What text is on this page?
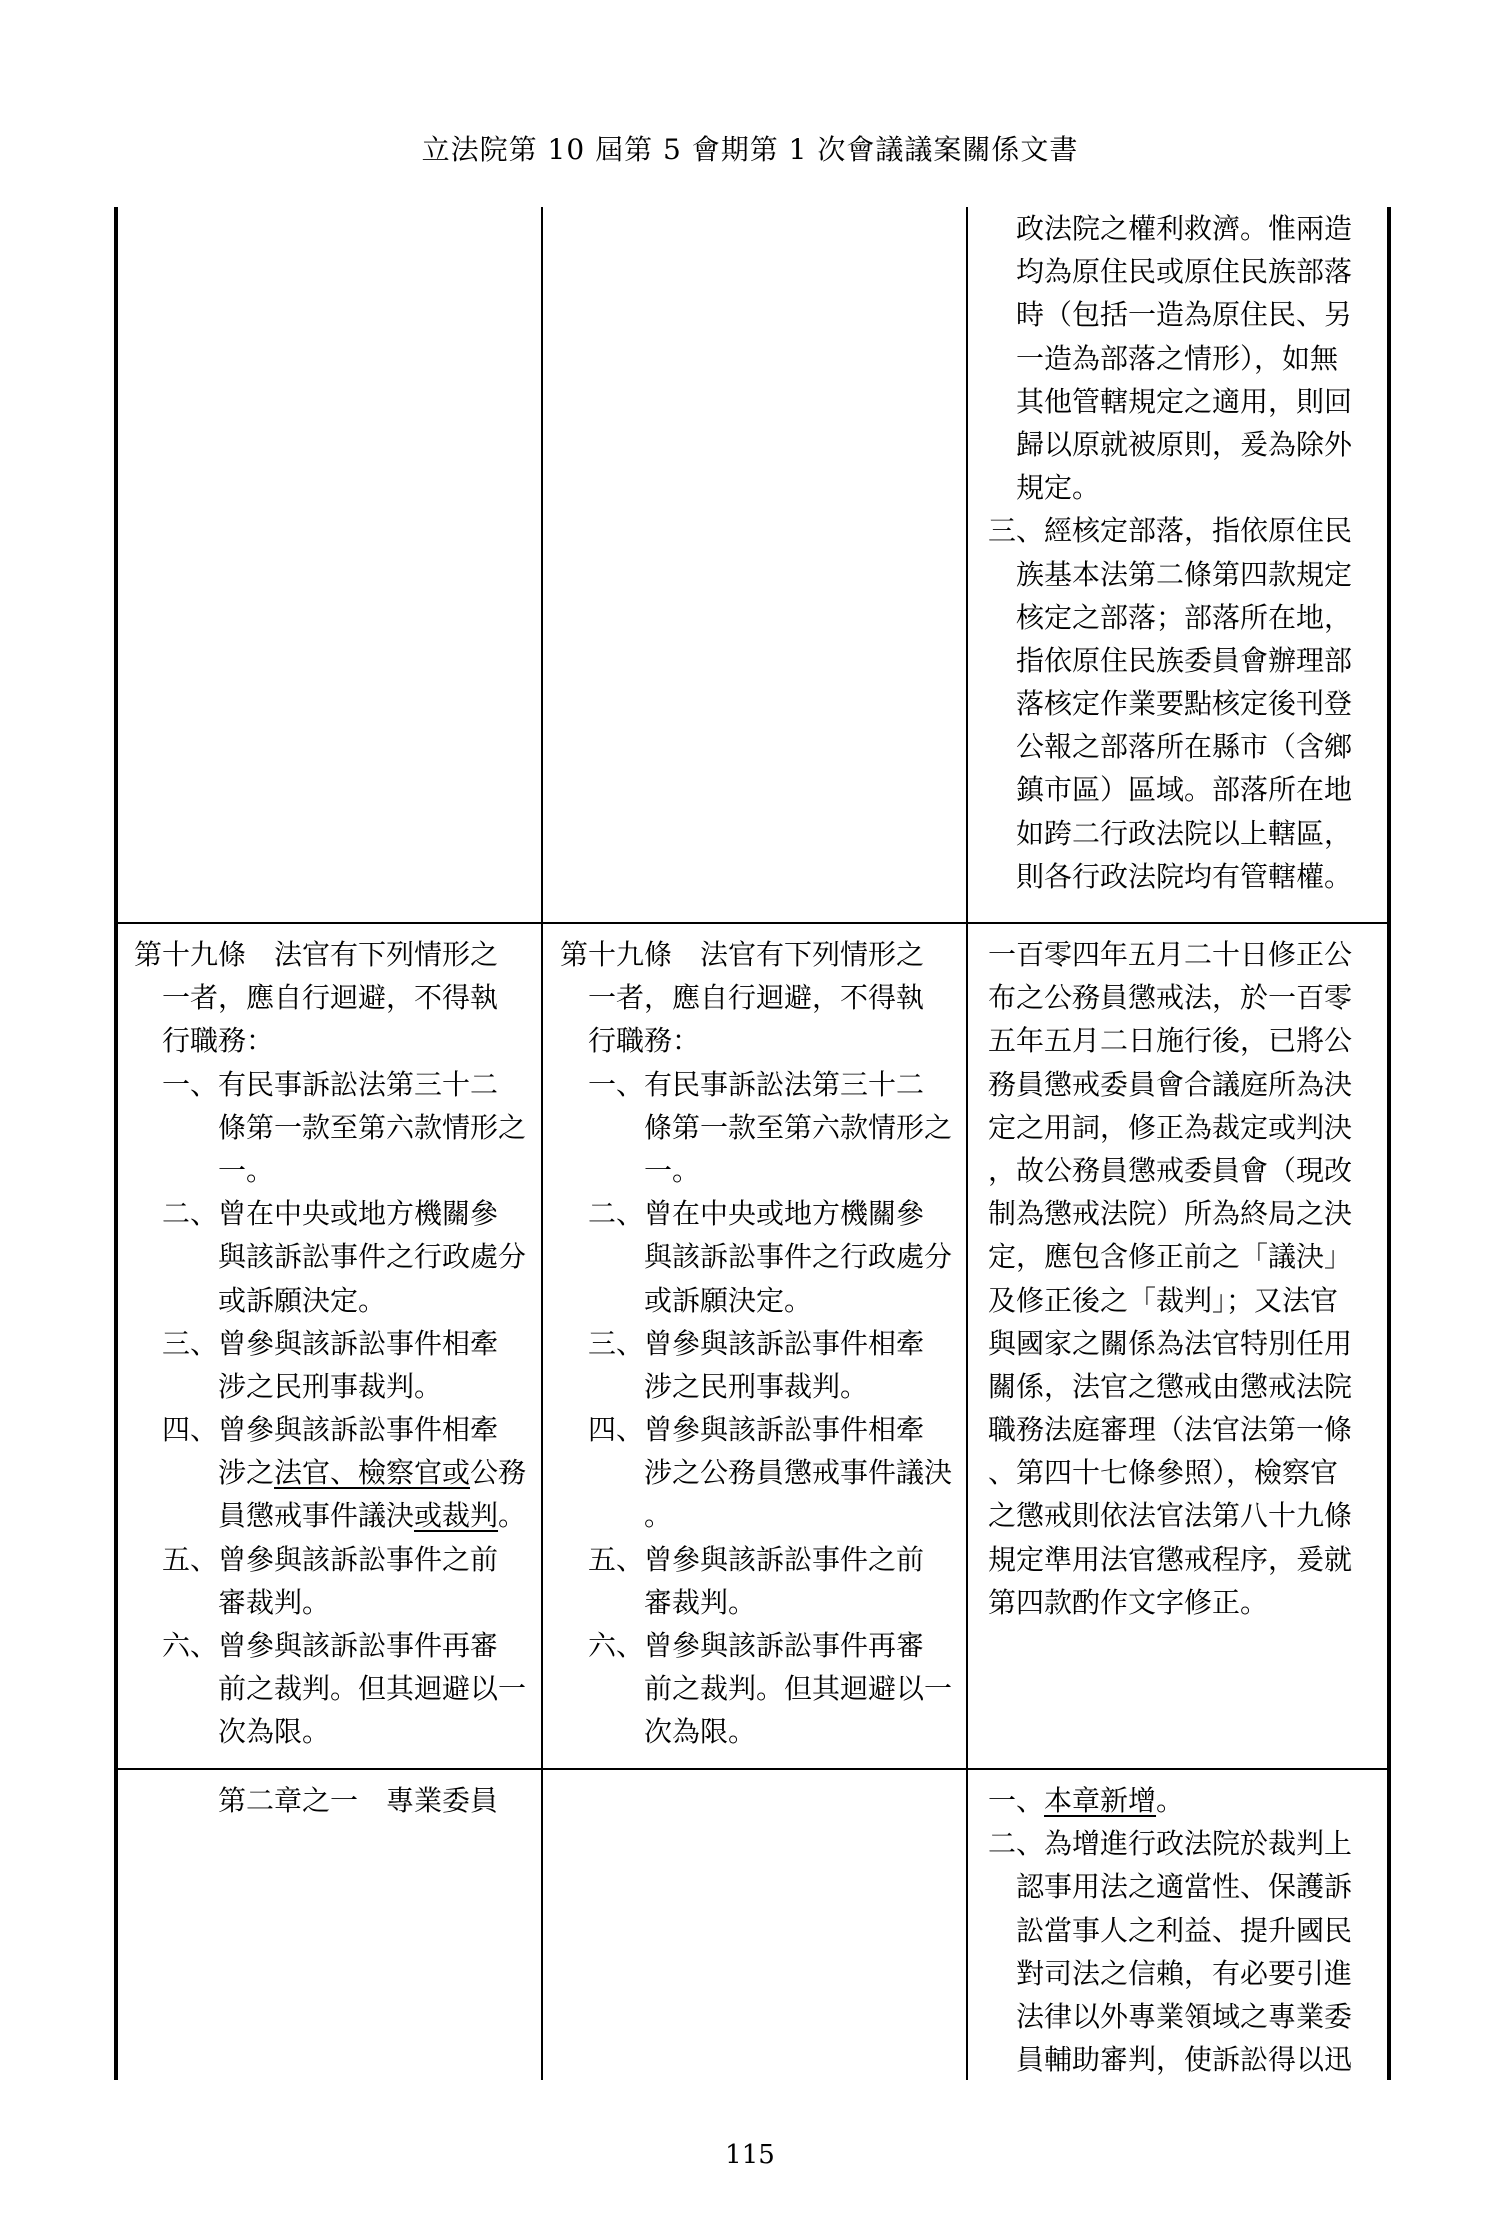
立法院第 10 屆第 5 會期第 1 次會議議案關係文書
政法院之權利救濟。惟兩造
均為原住民或原住民族部落
時（包括一造為原住民、另
一造為部落之情形），如無
其他管轄規定之適用，則回
歸以原就被原則，爰為除外
規定。
三、經核定部落，指依原住民
族基本法第二條第四款規定
核定之部落；部落所在地，
指依原住民族委員會辦理部
落核定作業要點核定後刊登
公報之部落所在縣市（含鄉
鎮市區）區域。部落所在地
如跨二行政法院以上轄區，
則各行政法院均有管轄權。
第十九條　法官有下列情形之
一者，應自行迴避，不得執
行職務：
一、有民事訴訟法第三十二
條第一款至第六款情形之
一。
二、曾在中央或地方機關參
與該訴訟事件之行政處分
或訴願決定。
三、曾參與該訴訟事件相牽
涉之民刑事裁判。
四、曾參與該訴訟事件相牽
涉之法官、檢察官或公務
員懲戒事件議決或裁判。
五、曾參與該訴訟事件之前
審裁判。
六、曾參與該訴訟事件再審
前之裁判。但其迴避以一
次為限。
第十九條　法官有下列情形之
一者，應自行迴避，不得執
行職務：
一、有民事訴訟法第三十二
條第一款至第六款情形之
一。
二、曾在中央或地方機關參
與該訴訟事件之行政處分
或訴願決定。
三、曾參與該訴訟事件相牽
涉之民刑事裁判。
四、曾參與該訴訟事件相牽
涉之公務員懲戒事件議決
。
五、曾參與該訴訟事件之前
審裁判。
六、曾參與該訴訟事件再審
前之裁判。但其迴避以一
次為限。
一百零四年五月二十日修正公
布之公務員懲戒法，於一百零
五年五月二日施行後，已將公
務員懲戒委員會合議庭所為決
定之用詞，修正為裁定或判決
，故公務員懲戒委員會（現改
制為懲戒法院）所為終局之決
定，應包含修正前之「議決」
及修正後之「裁判」；又法官
與國家之關係為法官特別任用
關係，法官之懲戒由懲戒法院
職務法庭審理（法官法第一條
、第四十七條參照），檢察官
之懲戒則依法官法第八十九條
規定準用法官懲戒程序，爰就
第四款酌作文字修正。
第二章之一　專業委員	一、本章新增。
二、為增進行政法院於裁判上
認事用法之適當性、保護訴
訟當事人之利益、提升國民
對司法之信賴，有必要引進
法律以外專業領域之專業委
員輔助審判，使訴訟得以迅
115
